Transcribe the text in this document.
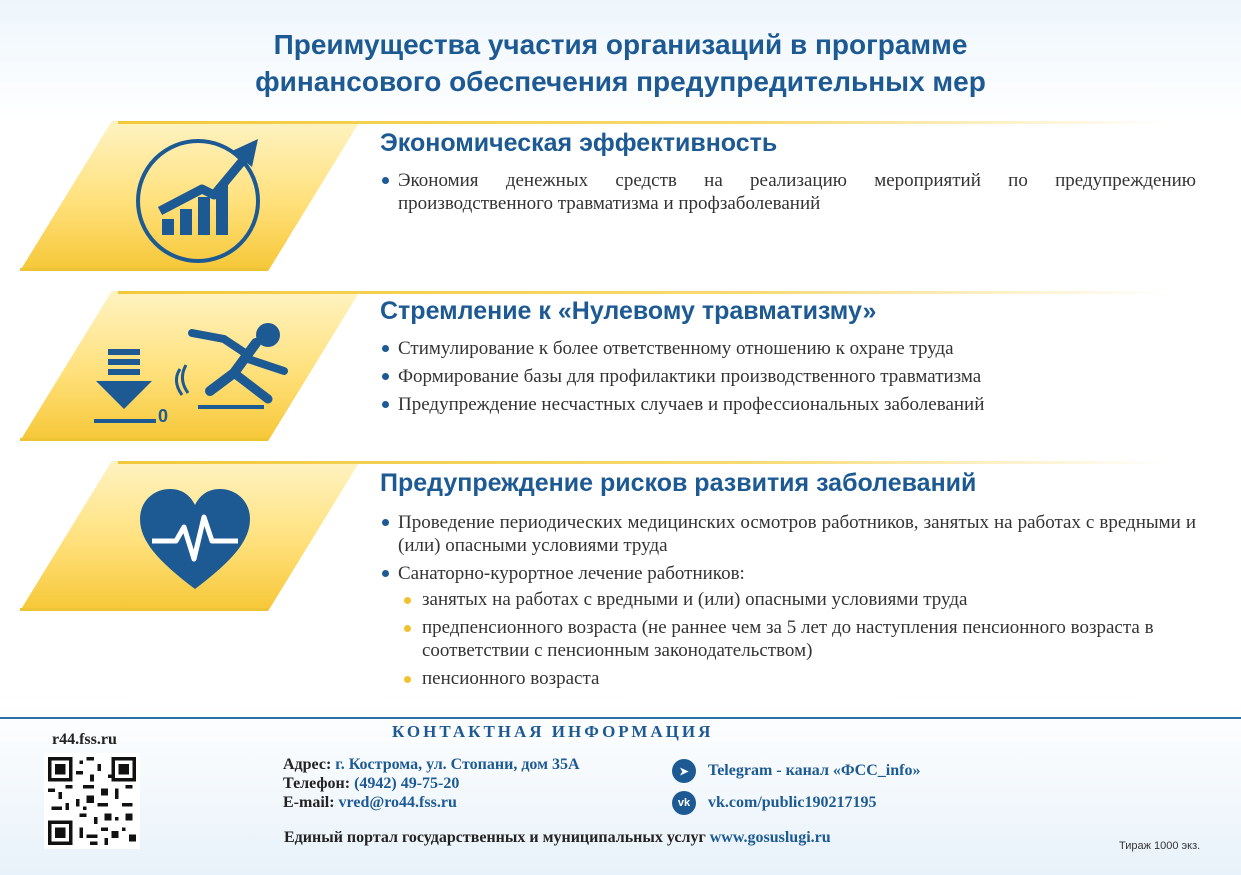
Преимущества участия организаций в программе
финансового обеспечения предупредительных мер
Экономическая эффективность
Экономия денежных средств на реализацию мероприятий по предупреждению производственного травматизма и профзаболеваний
0
Стремление к «Нулевому травматизму»
Стимулирование к более ответственному отношению к охране труда
Формирование базы для профилактики производственного травматизма
Предупреждение несчастных случаев и профессиональных заболеваний
Предупреждение рисков развития заболеваний
Проведение периодических медицинских осмотров работников, занятых на работах с вредными и (или) опасными условиями труда
Санаторно-курортное лечение работников:
занятых на работах с вредными и (или) опасными условиями труда
предпенсионного возраста (не раннее чем за 5 лет до наступления пенсионного возраста в соответствии с пенсионным законодательством)
пенсионного возраста
КОНТАКТНАЯ ИНФОРМАЦИЯ
r44.fss.ru
Адрес: г. Кострома, ул. Стопани, дом 35А
Телефон: (4942) 49-75-20
E-mail: vred@ro44.fss.ru
➤	Telegram - канал «ФСС_info»
vk	vk.com/public190217195
Единый портал государственных и муниципальных услуг www.gosuslugi.ru	Тираж 1000 экз.
